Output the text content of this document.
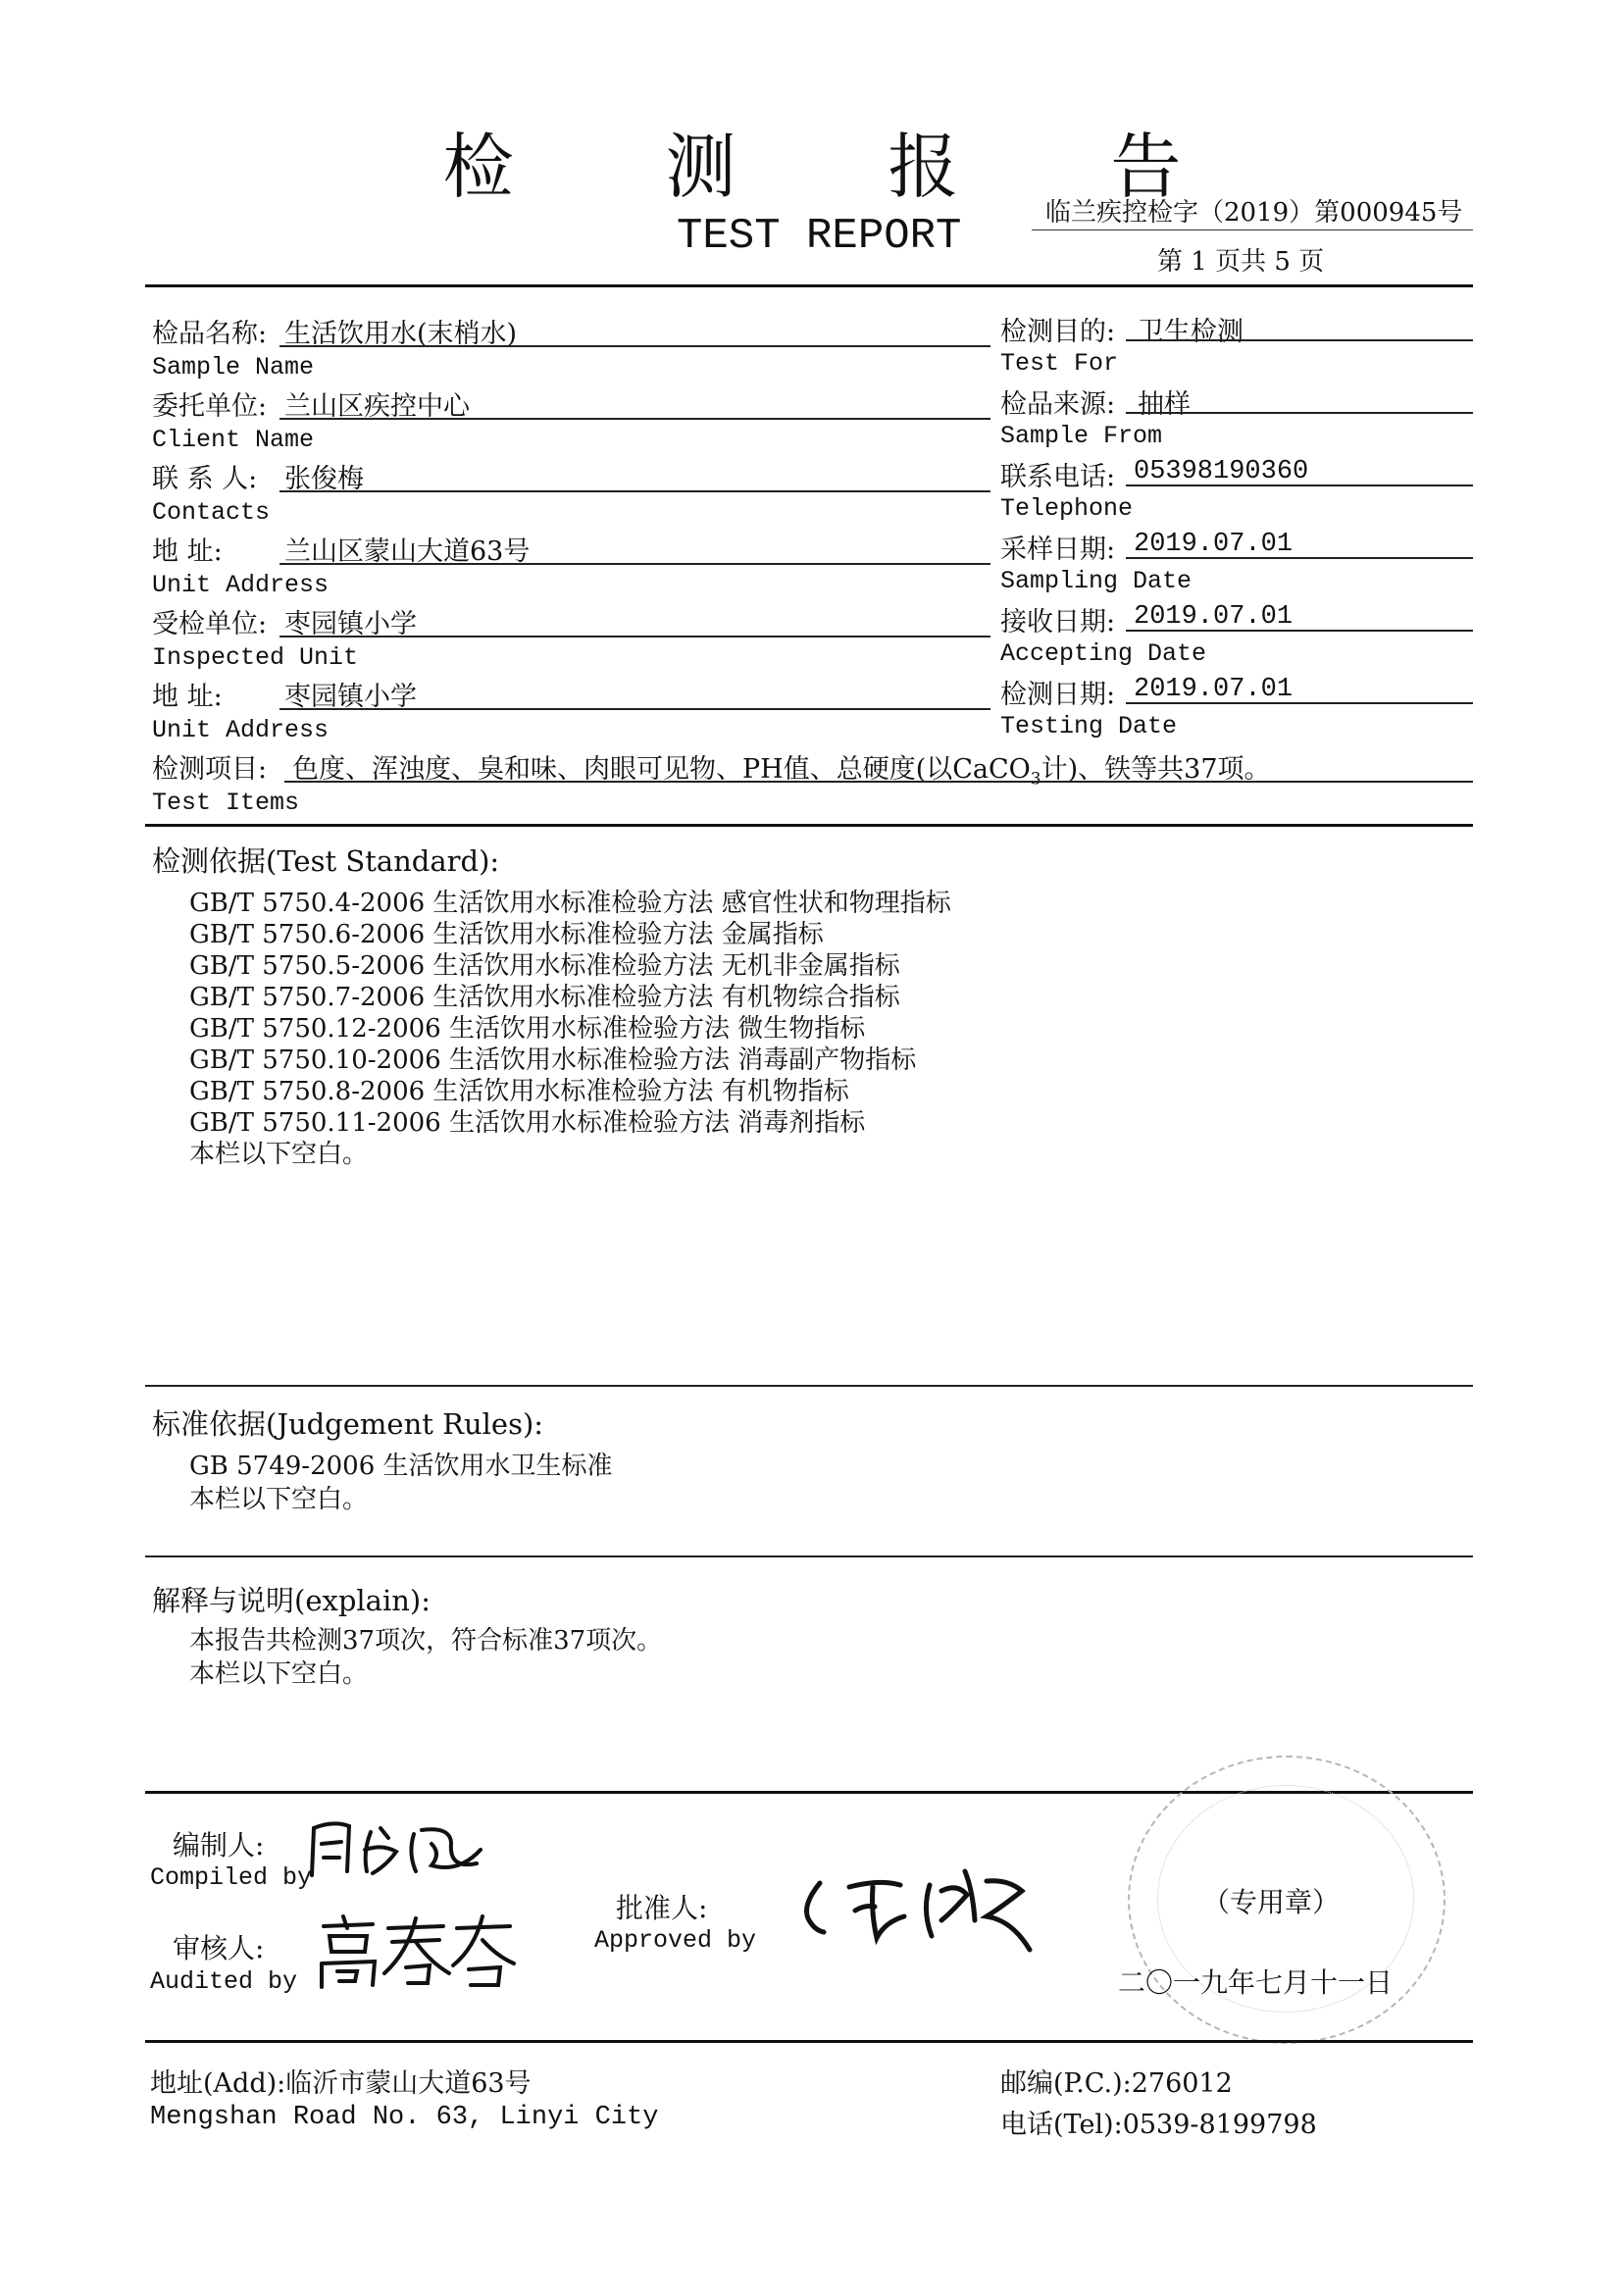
检 测 报 告
临兰疾控检字（2019）第000945号
TEST REPORT
第 1 页共 5 页
检品名称: 生活饮用水(末梢水)
Sample Name
委托单位: 兰山区疾控中心
Client Name
联 系 人: 张俊梅
Contacts
地 址: 兰山区蒙山大道63号
Unit Address
受检单位: 枣园镇小学
Inspected Unit
地 址: 枣园镇小学
Unit Address
检测目的: 卫生检测
Test For
检品来源: 抽样
Sample From
联系电话: 05398190360
Telephone
采样日期: 2019.07.01
Sampling Date
接收日期: 2019.07.01
Accepting Date
检测日期: 2019.07.01
Testing Date
检测项目: 色度、浑浊度、臭和味、肉眼可见物、PH值、总硬度(以CaCO$_3$计)、铁等共37项。
Test Items
检测依据(Test Standard):
GB/T 5750.4-2006 生活饮用水标准检验方法 感官性状和物理指标
GB/T 5750.6-2006 生活饮用水标准检验方法 金属指标
GB/T 5750.5-2006 生活饮用水标准检验方法 无机非金属指标
GB/T 5750.7-2006 生活饮用水标准检验方法 有机物综合指标
GB/T 5750.12-2006 生活饮用水标准检验方法 微生物指标
GB/T 5750.10-2006 生活饮用水标准检验方法 消毒副产物指标
GB/T 5750.8-2006 生活饮用水标准检验方法 有机物指标
GB/T 5750.11-2006 生活饮用水标准检验方法 消毒剂指标
本栏以下空白。
标准依据(Judgement Rules):
GB 5749-2006 生活饮用水卫生标准
本栏以下空白。
解释与说明(explain):
本报告共检测37项次，符合标准37项次。
本栏以下空白。
编制人:
Compiled by
审核人:
Audited by
批准人:
Approved by
（专用章）
二〇一九年七月十一日
地址(Add):临沂市蒙山大道63号
Mengshan Road No. 63, Linyi City
邮编(P.C.):276012
电话(Tel):0539-8199798
